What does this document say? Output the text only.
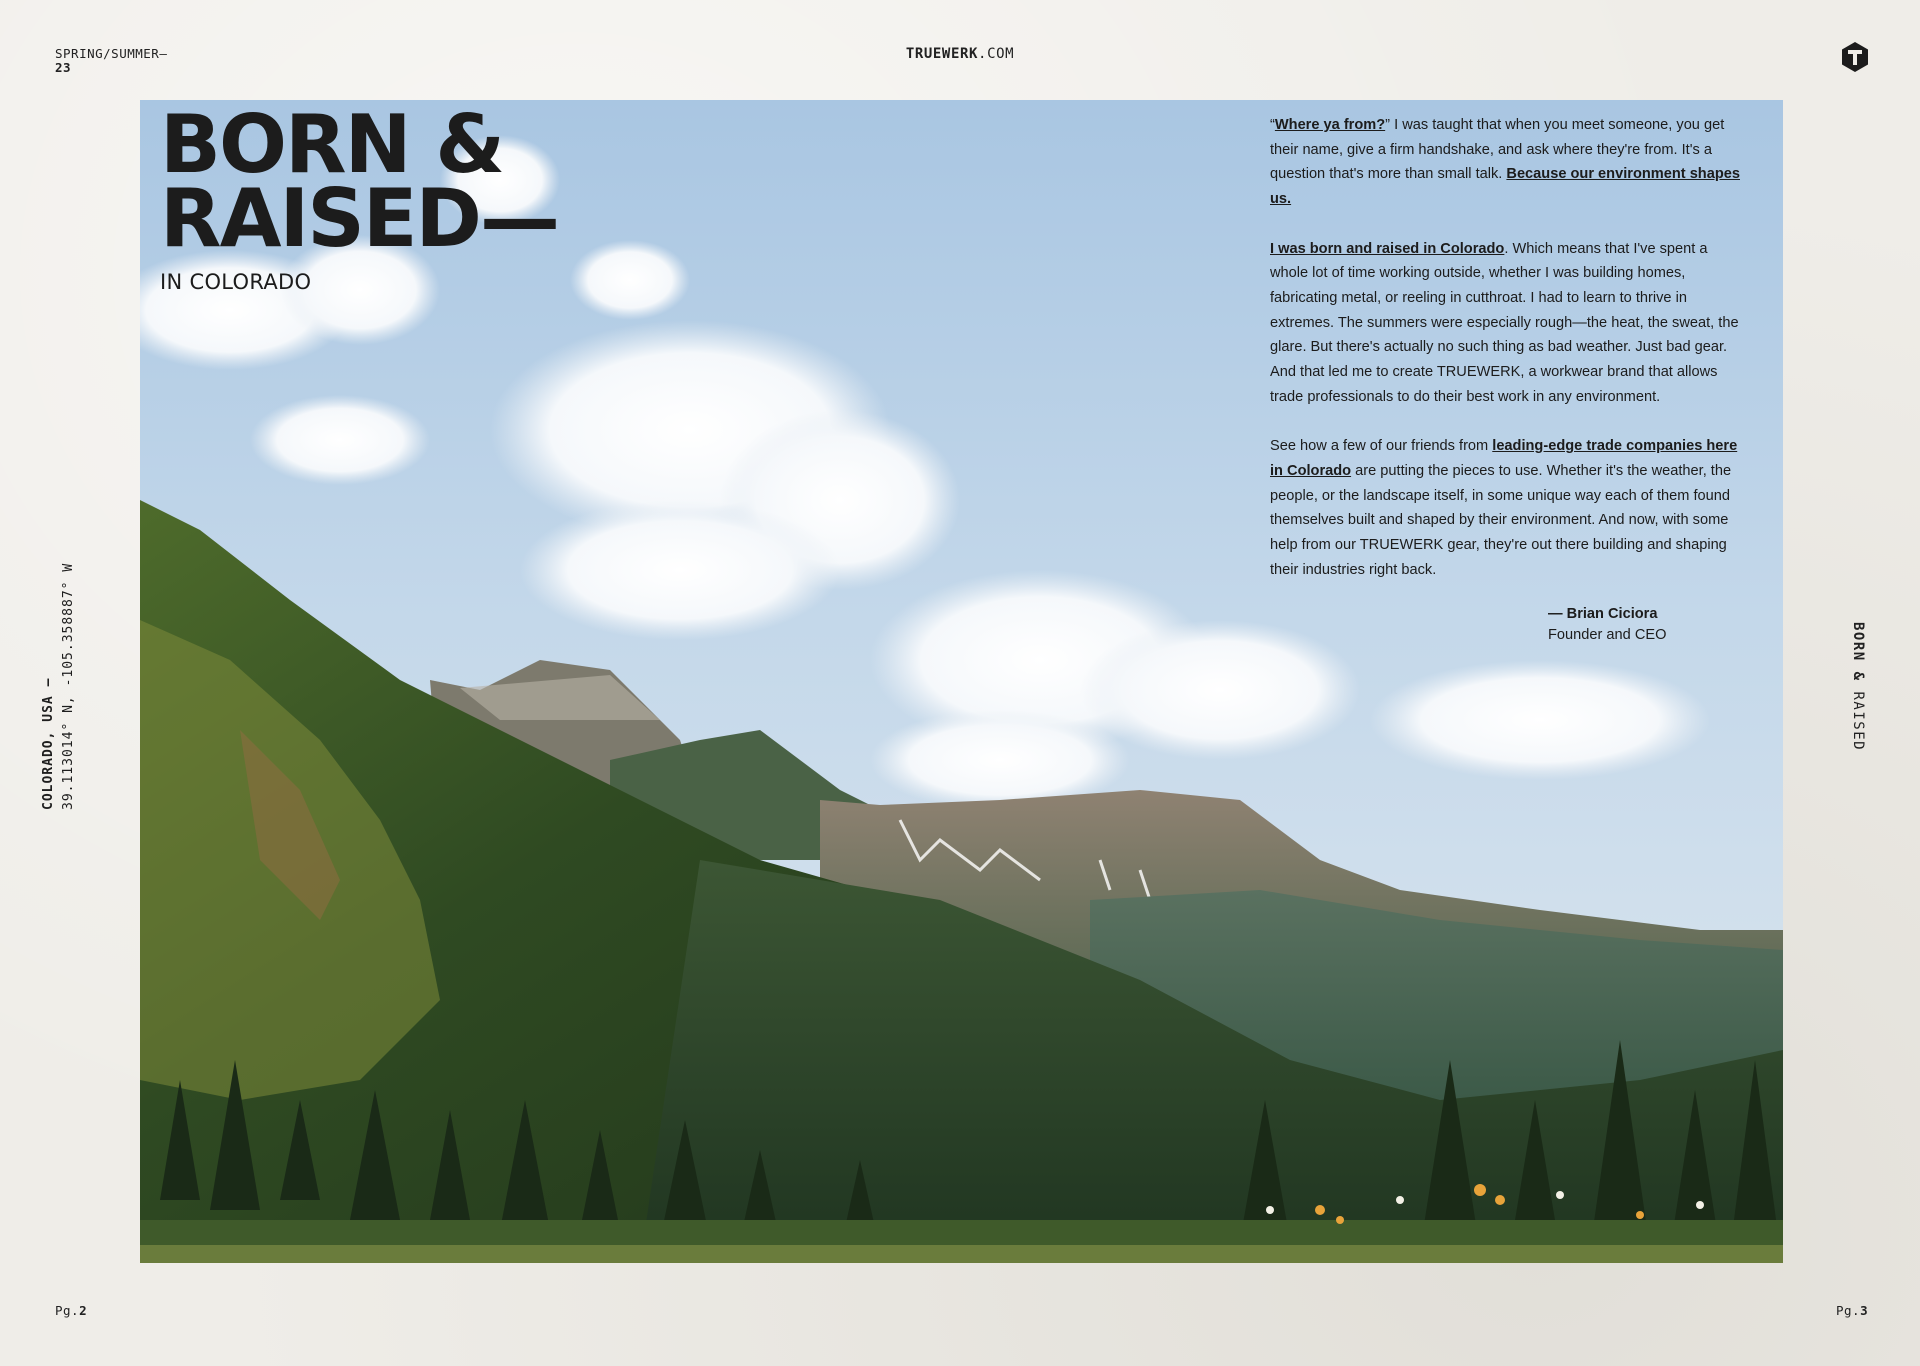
SPRING/SUMMER—
23
TRUEWERK.COM
COLORADO, USA — 39.113014° N, -105.358887° W	BORN & RAISED
BORN &
RAISED—
IN COLORADO

“Where ya from?” I was taught that when you meet someone, you get their name, give a firm handshake, and ask where they're from. It's a question that's more than small talk. Because our environment shapes us.

I was born and raised in Colorado. Which means that I've spent a whole lot of time working outside, whether I was building homes, fabricating metal, or reeling in cutthroat. I had to learn to thrive in extremes. The summers were especially rough—the heat, the sweat, the glare. But there's actually no such thing as bad weather. Just bad gear. And that led me to create TRUEWERK, a workwear brand that allows trade professionals to do their best work in any environment.

See how a few of our friends from leading-edge trade companies here in Colorado are putting the pieces to use. Whether it's the weather, the people, or the landscape itself, in some unique way each of them found themselves built and shaped by their environment. And now, with some help from our TRUEWERK gear, they're out there building and shaping their industries right back.

— Brian Ciciora
Founder and CEO
Pg.2	Pg.3
